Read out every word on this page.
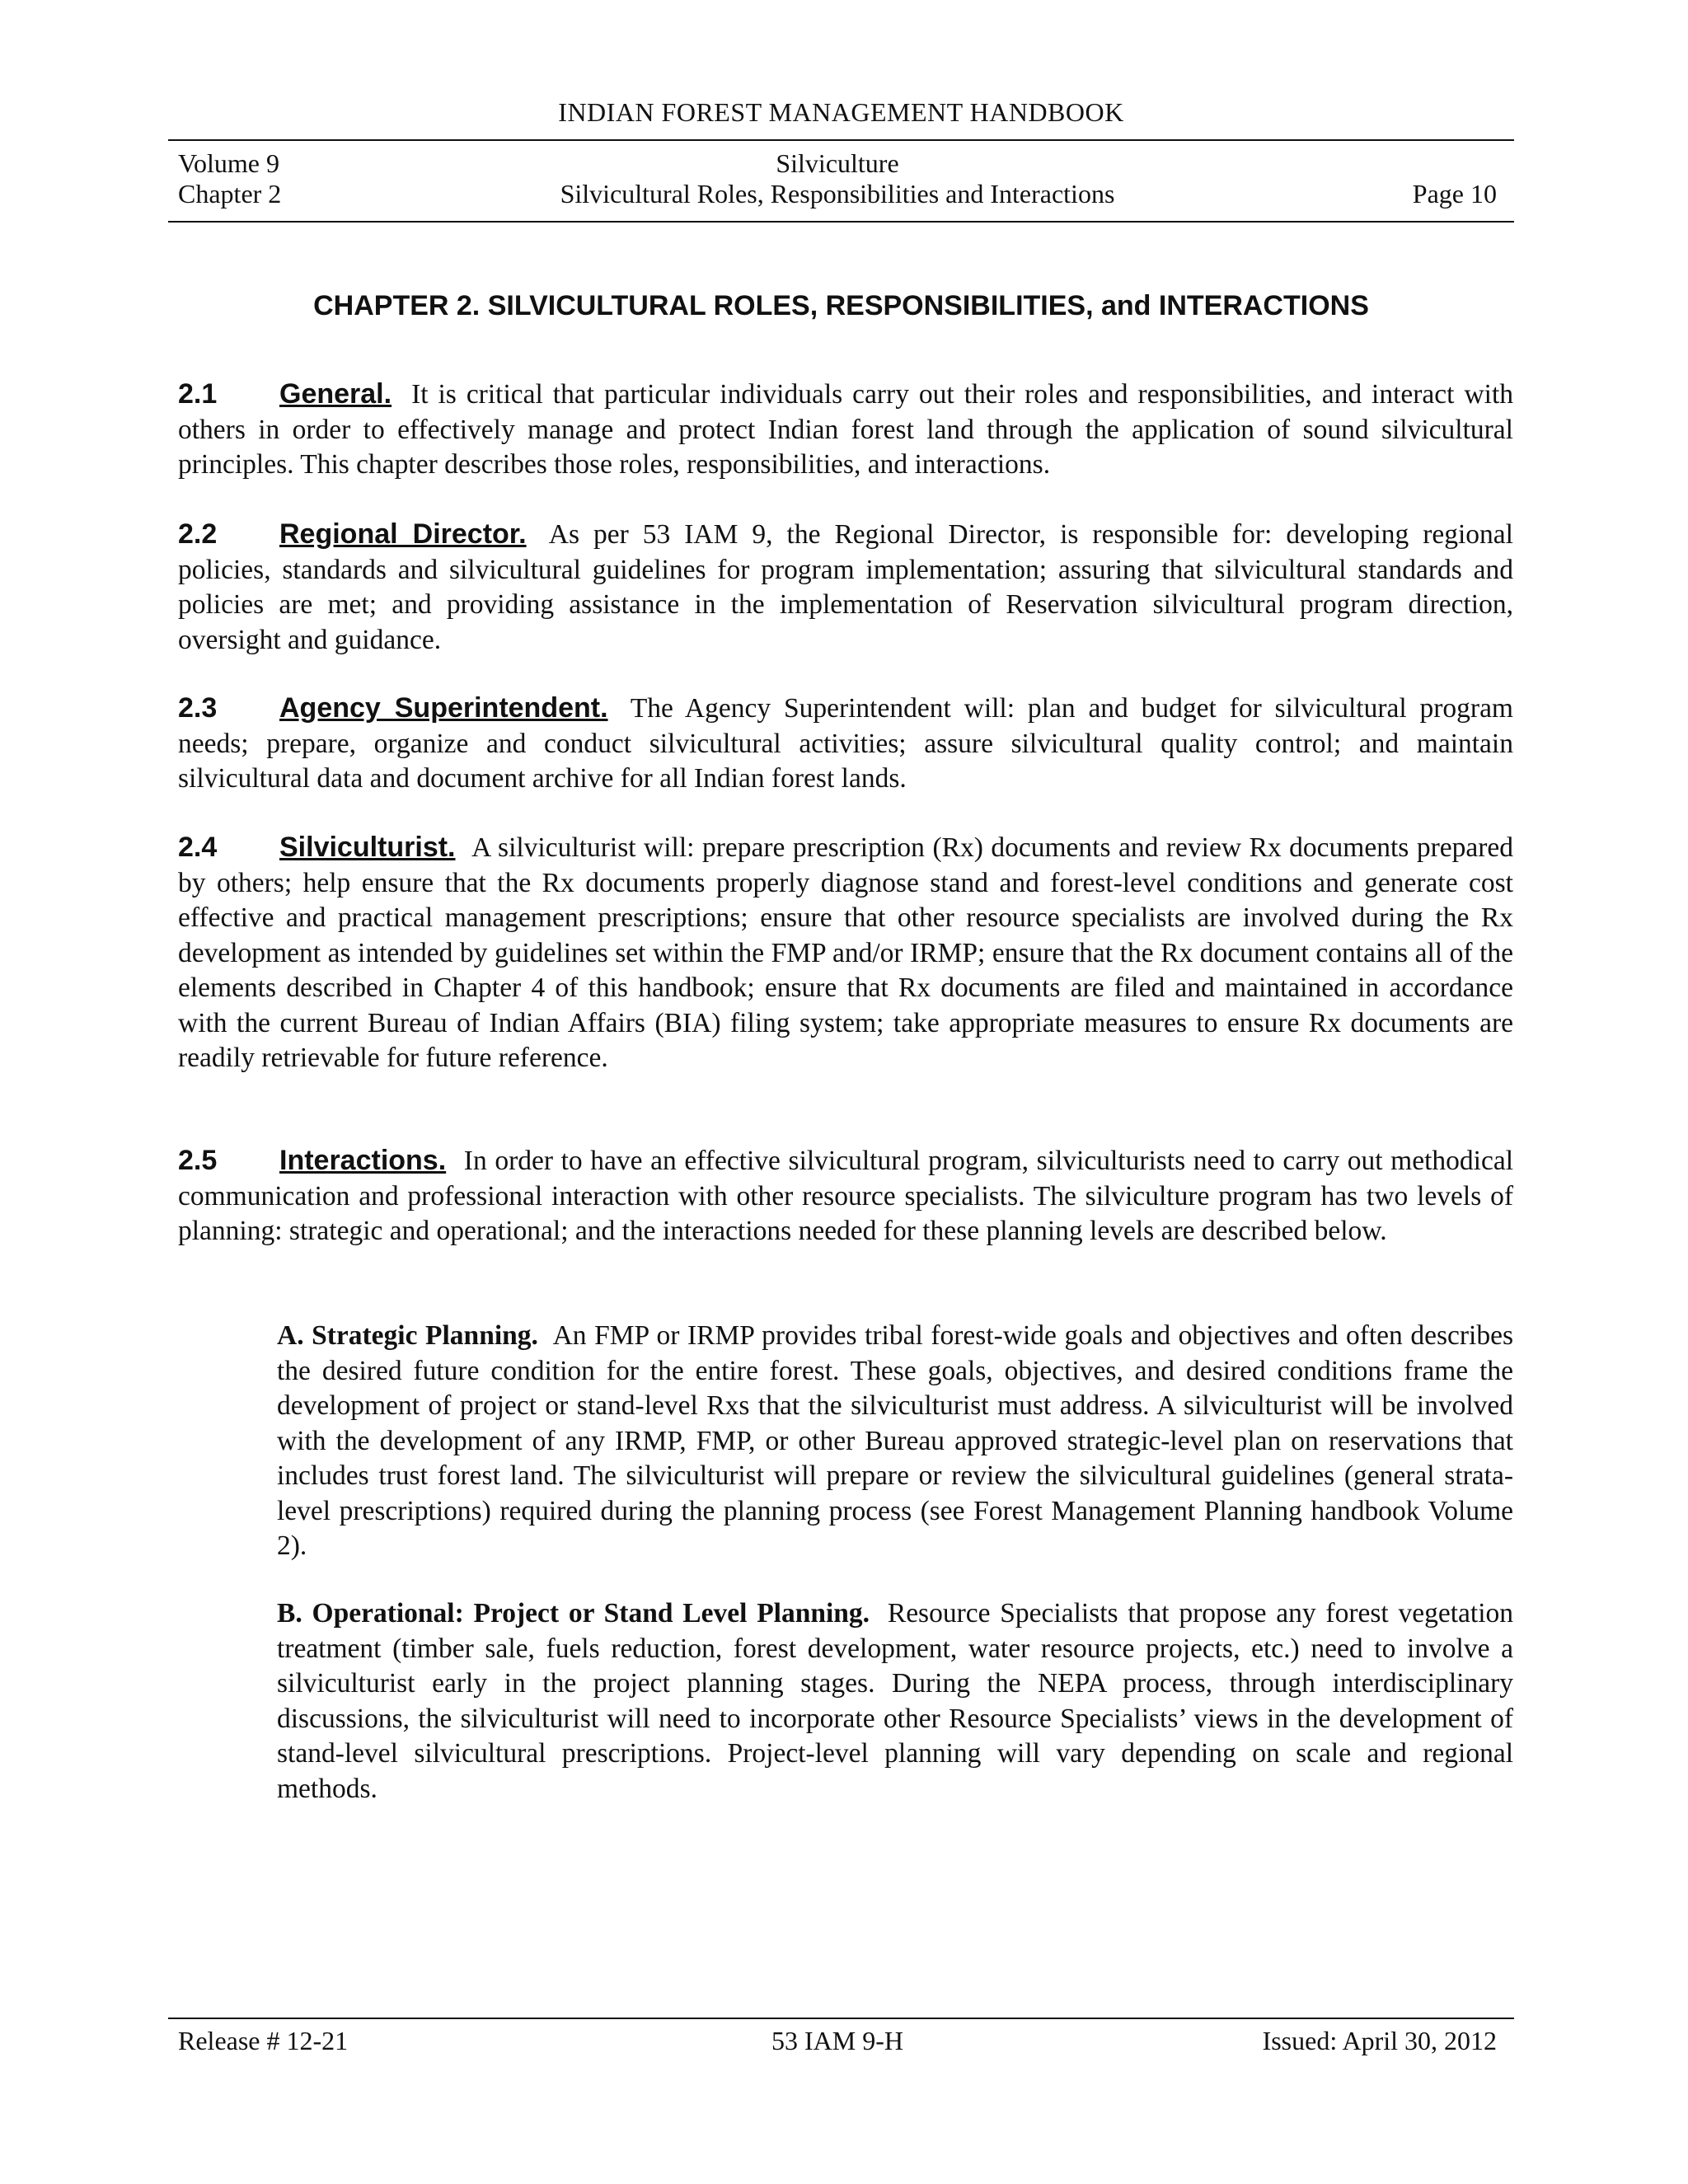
INDIAN FOREST MANAGEMENT HANDBOOK
Volume 9	Silviculture
Chapter 2	Silvicultural Roles, Responsibilities and Interactions	Page 10
CHAPTER 2. SILVICULTURAL ROLES, RESPONSIBILITIES, and INTERACTIONS
2.1 General. It is critical that particular individuals carry out their roles and responsibilities, and interact with others in order to effectively manage and protect Indian forest land through the application of sound silvicultural principles. This chapter describes those roles, responsibilities, and interactions.
2.2 Regional Director. As per 53 IAM 9, the Regional Director, is responsible for: developing regional policies, standards and silvicultural guidelines for program implementation; assuring that silvicultural standards and policies are met; and providing assistance in the implementation of Reservation silvicultural program direction, oversight and guidance.
2.3 Agency Superintendent. The Agency Superintendent will: plan and budget for silvicultural program needs; prepare, organize and conduct silvicultural activities; assure silvicultural quality control; and maintain silvicultural data and document archive for all Indian forest lands.
2.4 Silviculturist. A silviculturist will: prepare prescription (Rx) documents and review Rx documents prepared by others; help ensure that the Rx documents properly diagnose stand and forest-level conditions and generate cost effective and practical management prescriptions; ensure that other resource specialists are involved during the Rx development as intended by guidelines set within the FMP and/or IRMP; ensure that the Rx document contains all of the elements described in Chapter 4 of this handbook; ensure that Rx documents are filed and maintained in accordance with the current Bureau of Indian Affairs (BIA) filing system; take appropriate measures to ensure Rx documents are readily retrievable for future reference.
2.5 Interactions. In order to have an effective silvicultural program, silviculturists need to carry out methodical communication and professional interaction with other resource specialists. The silviculture program has two levels of planning: strategic and operational; and the interactions needed for these planning levels are described below.
A. Strategic Planning. An FMP or IRMP provides tribal forest-wide goals and objectives and often describes the desired future condition for the entire forest. These goals, objectives, and desired conditions frame the development of project or stand-level Rxs that the silviculturist must address. A silviculturist will be involved with the development of any IRMP, FMP, or other Bureau approved strategic-level plan on reservations that includes trust forest land. The silviculturist will prepare or review the silvicultural guidelines (general strata-level prescriptions) required during the planning process (see Forest Management Planning handbook Volume 2).
B. Operational: Project or Stand Level Planning. Resource Specialists that propose any forest vegetation treatment (timber sale, fuels reduction, forest development, water resource projects, etc.) need to involve a silviculturist early in the project planning stages. During the NEPA process, through interdisciplinary discussions, the silviculturist will need to incorporate other Resource Specialists’ views in the development of stand-level silvicultural prescriptions. Project-level planning will vary depending on scale and regional methods.
Release # 12-21	53 IAM 9-H	Issued: April 30, 2012
